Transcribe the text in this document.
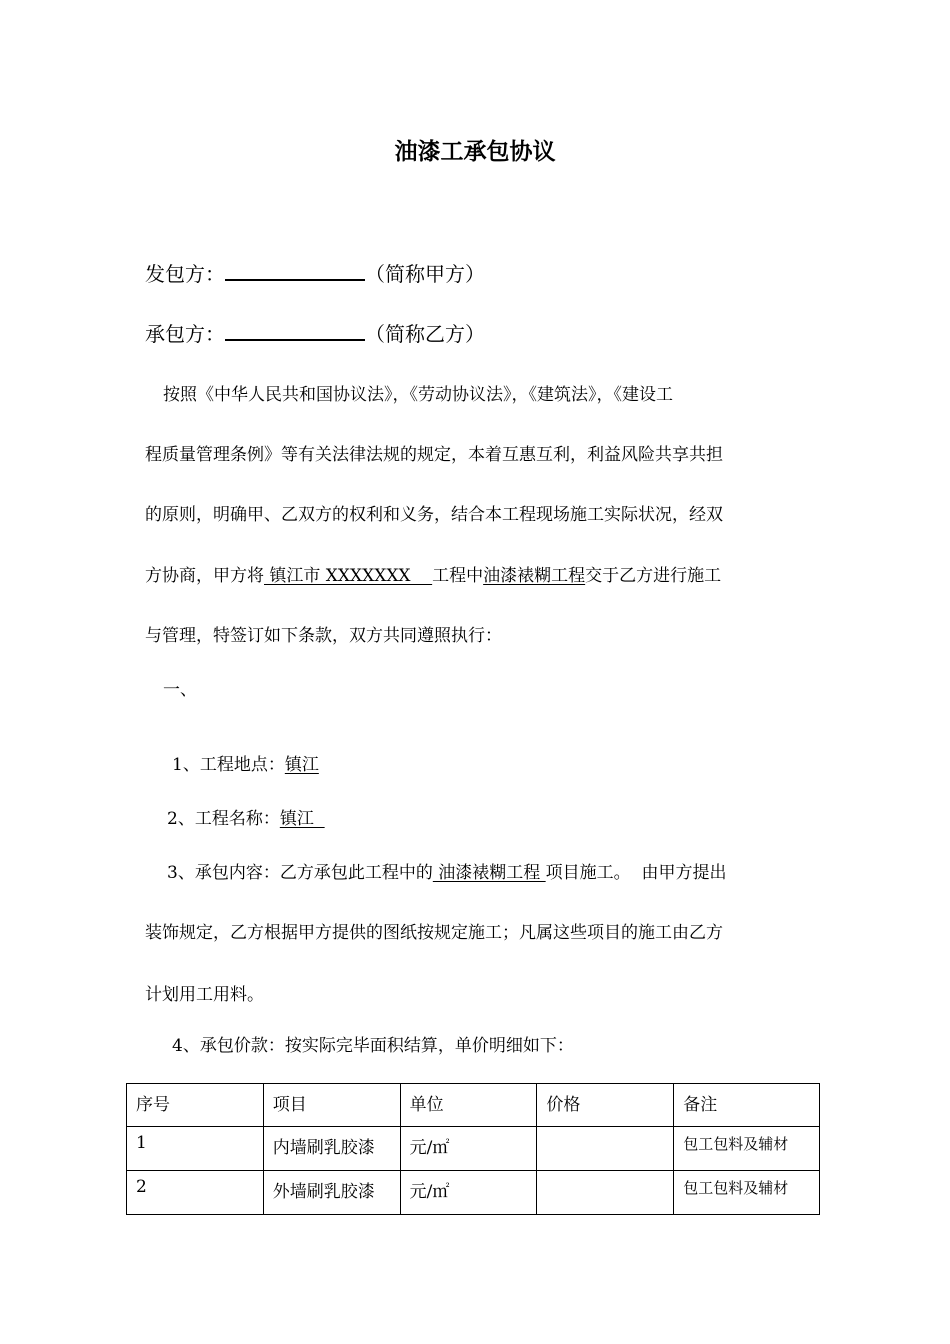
油漆工承包协议
发包方：	（简称甲方）
承包方：	（简称乙方）
按照《中华人民共和国协议法》，《劳动协议法》，《建筑法》，《建设工
程质量管理条例》等有关法律法规的规定，本着互惠互利，利益风险共享共担
的原则，明确甲、乙双方的权利和义务，结合本工程现场施工实际状况，经双
方协商，甲方将 镇江市 XXXXXXX    工程中油漆裱糊工程交于乙方进行施工
与管理，特签订如下条款，双方共同遵照执行：
一、
1、工程地点：镇江
2、工程名称：镇江
3、承包内容：乙方承包此工程中的 油漆裱糊工程 项目施工。  由甲方提出
装饰规定，乙方根据甲方提供的图纸按规定施工；凡属这些项目的施工由乙方
计划用工用料。
4、承包价款：按实际完毕面积结算，单价明细如下：
序号	项目	单位	价格	备注
1	内墙刷乳胶漆	元/㎡		包工包料及辅材
2	外墙刷乳胶漆	元/㎡		包工包料及辅材
